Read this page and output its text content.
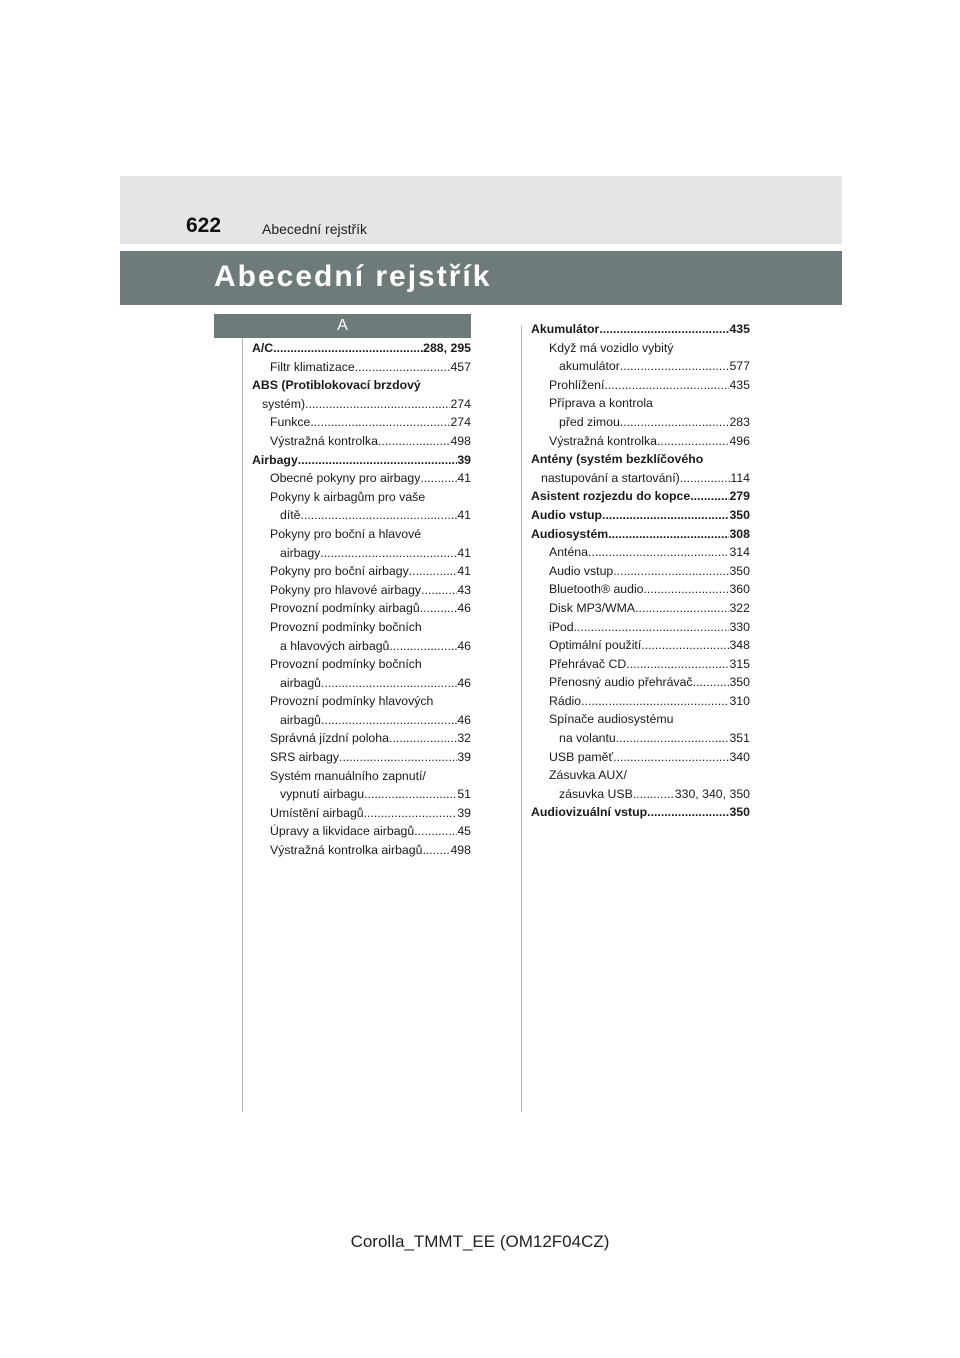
622	Abecední rejstřík
Abecední rejstřík
A
A/C .....	288, 295
Filtr klimatizace .....	457
ABS (Protiblokovací brzdový
systém) .....	274
Funkce .....	274
Výstražná kontrolka .....	498
Airbagy .....	39
Obecné pokyny pro airbagy .....	41
Pokyny k airbagům pro vaše
dítě .....	41
Pokyny pro boční a hlavové
airbagy .....	41
Pokyny pro boční airbagy .....	41
Pokyny pro hlavové airbagy .....	43
Provozní podmínky airbagů .....	46
Provozní podmínky bočních
a hlavových airbagů .....	46
Provozní podmínky bočních
airbagů .....	46
Provozní podmínky hlavových
airbagů .....	46
Správná jízdní poloha .....	32
SRS airbagy .....	39
Systém manuálního zapnutí/
vypnutí airbagu .....	51
Umístění airbagů .....	39
Úpravy a likvidace airbagů .....	45
Výstražná kontrolka airbagů ..... 498
Akumulátor .....	435
Když má vozidlo vybitý
akumulátor .....	577
Prohlížení .....	435
Příprava a kontrola
před zimou .....	283
Výstražná kontrolka .....	496
Antény (systém bezklíčového
nastupování a startování) .....	114
Asistent rozjezdu do kopce .....	279
Audio vstup .....	350
Audiosystém .....	308
Anténa .....	314
Audio vstup .....	350
Bluetooth® audio .....	360
Disk MP3/WMA .....	322
iPod .....	330
Optimální použití .....	348
Přehrávač CD .....	315
Přenosný audio přehrávač .....	350
Rádio .....	310
Spínače audiosystému
na volantu .....	351
USB paměť .....	340
Zásuvka AUX/
zásuvka USB .....	330, 340, 350
Audiovizuální vstup .....	350
Corolla_TMMT_EE (OM12F04CZ)
